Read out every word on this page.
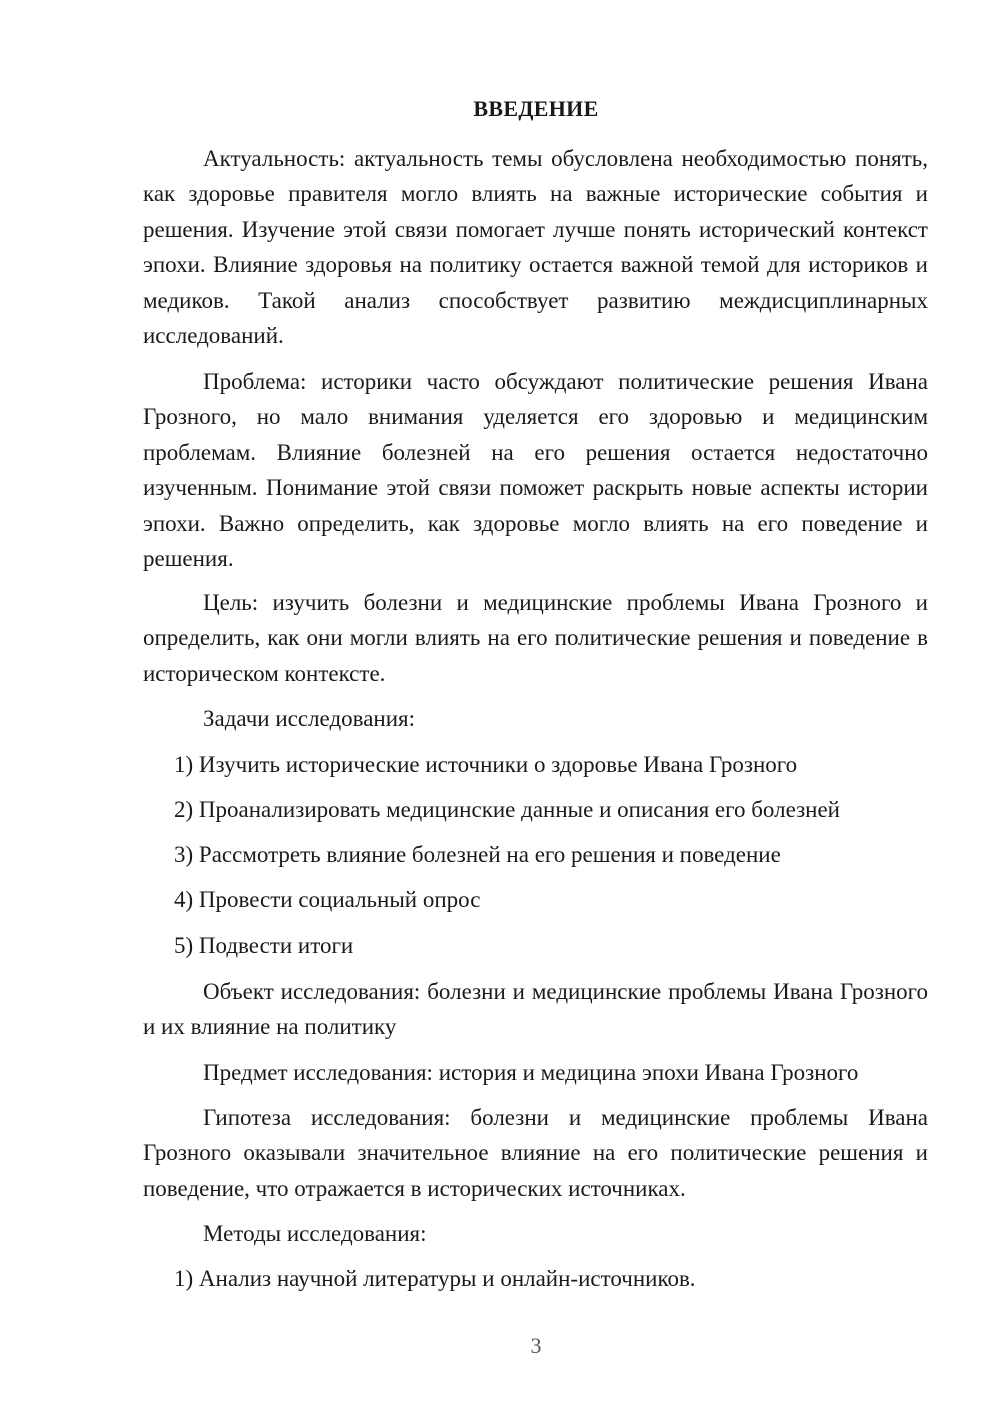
ВВЕДЕНИЕ

Актуальность: актуальность темы обусловлена необходимостью понять, как здоровье правителя могло влиять на важные исторические события и решения. Изучение этой связи помогает лучше понять исторический контекст эпохи. Влияние здоровья на политику остается важной темой для историков и медиков. Такой анализ способствует развитию междисциплинарных исследований.

Проблема: историки часто обсуждают политические решения Ивана Грозного, но мало внимания уделяется его здоровью и медицинским проблемам. Влияние болезней на его решения остается недостаточно изученным. Понимание этой связи поможет раскрыть новые аспекты истории эпохи. Важно определить, как здоровье могло влиять на его поведение и решения.

Цель: изучить болезни и медицинские проблемы Ивана Грозного и определить, как они могли влиять на его политические решения и поведение в историческом контексте.

Задачи исследования:
1) Изучить исторические источники о здоровье Ивана Грозного
2) Проанализировать медицинские данные и описания его болезней
3) Рассмотреть влияние болезней на его решения и поведение
4) Провести социальный опрос
5) Подвести итоги

Объект исследования: болезни и медицинские проблемы Ивана Грозного и их влияние на политику

Предмет исследования: история и медицина эпохи Ивана Грозного

Гипотеза исследования: болезни и медицинские проблемы Ивана Грозного оказывали значительное влияние на его политические решения и поведение, что отражается в исторических источниках.

Методы исследования:
1) Анализ научной литературы и онлайн-источников.
3
